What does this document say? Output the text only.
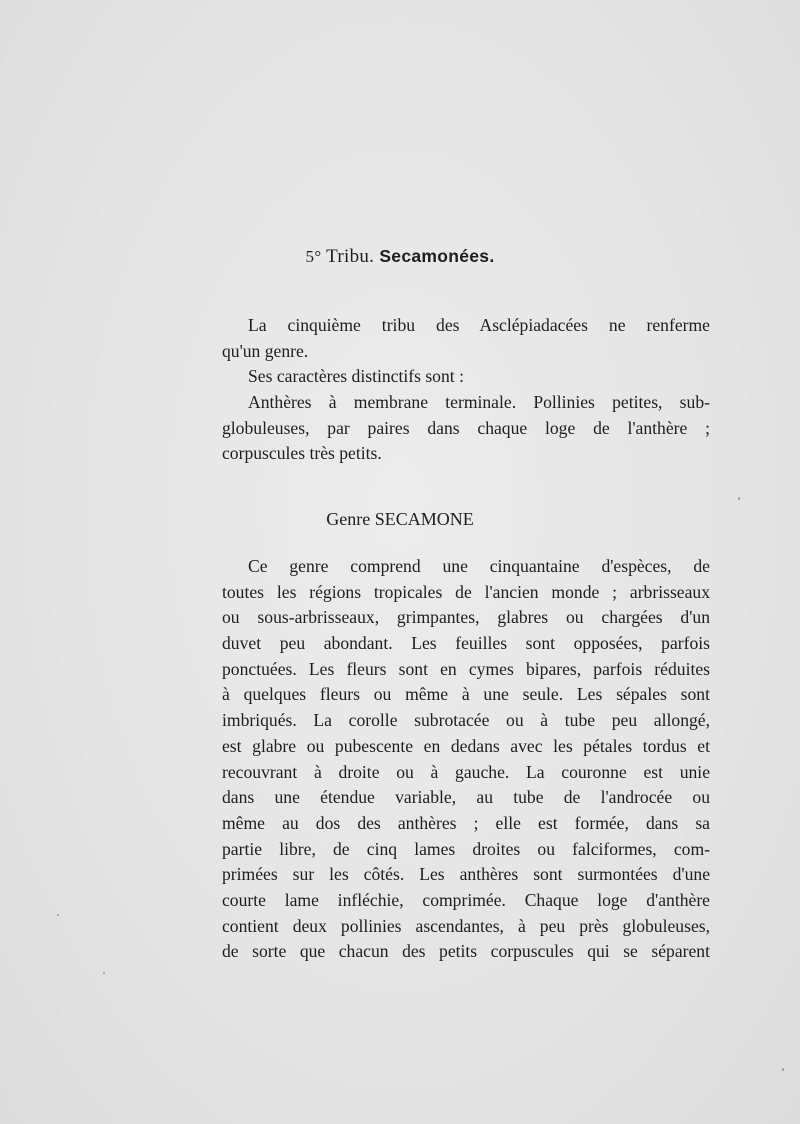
5° Tribu. Secamonées.
La cinquième tribu des Asclépiadacées ne renferme
qu'un genre.
Ses caractères distinctifs sont :
Anthères à membrane terminale. Pollinies petites, sub-
globuleuses, par paires dans chaque loge de l'anthère ;
corpuscules très petits.
Genre SECAMONE
Ce genre comprend une cinquantaine d'espèces, de
toutes les régions tropicales de l'ancien monde ; arbrisseaux
ou sous-arbrisseaux, grimpantes, glabres ou chargées d'un
duvet peu abondant. Les feuilles sont opposées, parfois
ponctuées. Les fleurs sont en cymes bipares, parfois réduites
à quelques fleurs ou même à une seule. Les sépales sont
imbriqués. La corolle subrotacée ou à tube peu allongé,
est glabre ou pubescente en dedans avec les pétales tordus et
recouvrant à droite ou à gauche. La couronne est unie
dans une étendue variable, au tube de l'androcée ou
même au dos des anthères ; elle est formée, dans sa
partie libre, de cinq lames droites ou falciformes, com-
primées sur les côtés. Les anthères sont surmontées d'une
courte lame infléchie, comprimée. Chaque loge d'anthère
contient deux pollinies ascendantes, à peu près globuleuses,
de sorte que chacun des petits corpuscules qui se séparent
